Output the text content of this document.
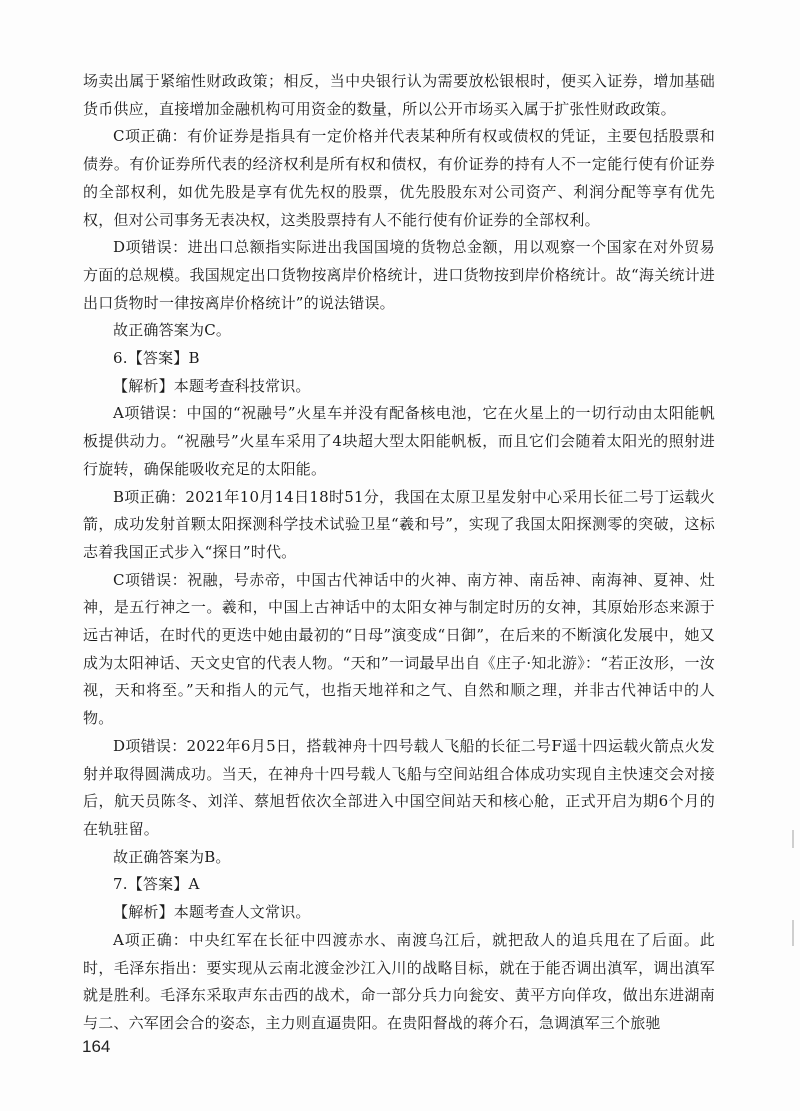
场卖出属于紧缩性财政政策；相反，当中央银行认为需要放松银根时，便买入证券，增加基础货币供应，直接增加金融机构可用资金的数量，所以公开市场买入属于扩张性财政政策。

C项正确：有价证券是指具有一定价格并代表某种所有权或债权的凭证，主要包括股票和债券。有价证券所代表的经济权利是所有权和债权，有价证券的持有人不一定能行使有价证券的全部权利，如优先股是享有优先权的股票，优先股股东对公司资产、利润分配等享有优先权，但对公司事务无表决权，这类股票持有人不能行使有价证券的全部权利。

D项错误：进出口总额指实际进出我国国境的货物总金额，用以观察一个国家在对外贸易方面的总规模。我国规定出口货物按离岸价格统计，进口货物按到岸价格统计。故“海关统计进出口货物时一律按离岸价格统计”的说法错误。

故正确答案为C。

6.【答案】B

【解析】本题考查科技常识。

A项错误：中国的“祝融号”火星车并没有配备核电池，它在火星上的一切行动由太阳能帆板提供动力。“祝融号”火星车采用了4块超大型太阳能帆板，而且它们会随着太阳光的照射进行旋转，确保能吸收充足的太阳能。

B项正确：2021年10月14日18时51分，我国在太原卫星发射中心采用长征二号丁运载火箭，成功发射首颗太阳探测科学技术试验卫星“羲和号”，实现了我国太阳探测零的突破，这标志着我国正式步入“探日”时代。

C项错误：祝融，号赤帝，中国古代神话中的火神、南方神、南岳神、南海神、夏神、灶神，是五行神之一。羲和，中国上古神话中的太阳女神与制定时历的女神，其原始形态来源于远古神话，在时代的更迭中她由最初的“日母”演变成“日御”，在后来的不断演化发展中，她又成为太阳神话、天文史官的代表人物。“天和”一词最早出自《庄子·知北游》：“若正汝形，一汝视，天和将至。”天和指人的元气，也指天地祥和之气、自然和顺之理，并非古代神话中的人物。

D项错误：2022年6月5日，搭载神舟十四号载人飞船的长征二号F遥十四运载火箭点火发射并取得圆满成功。当天，在神舟十四号载人飞船与空间站组合体成功实现自主快速交会对接后，航天员陈冬、刘洋、蔡旭哲依次全部进入中国空间站天和核心舱，正式开启为期6个月的在轨驻留。

故正确答案为B。

7.【答案】A

【解析】本题考查人文常识。

A项正确：中央红军在长征中四渡赤水、南渡乌江后，就把敌人的追兵甩在了后面。此时，毛泽东指出：要实现从云南北渡金沙江入川的战略目标，就在于能否调出滇军，调出滇军就是胜利。毛泽东采取声东击西的战术，命一部分兵力向瓮安、黄平方向佯攻，做出东进湖南与二、六军团会合的姿态，主力则直逼贵阳。在贵阳督战的蒋介石，急调滇军三个旅驰

164
